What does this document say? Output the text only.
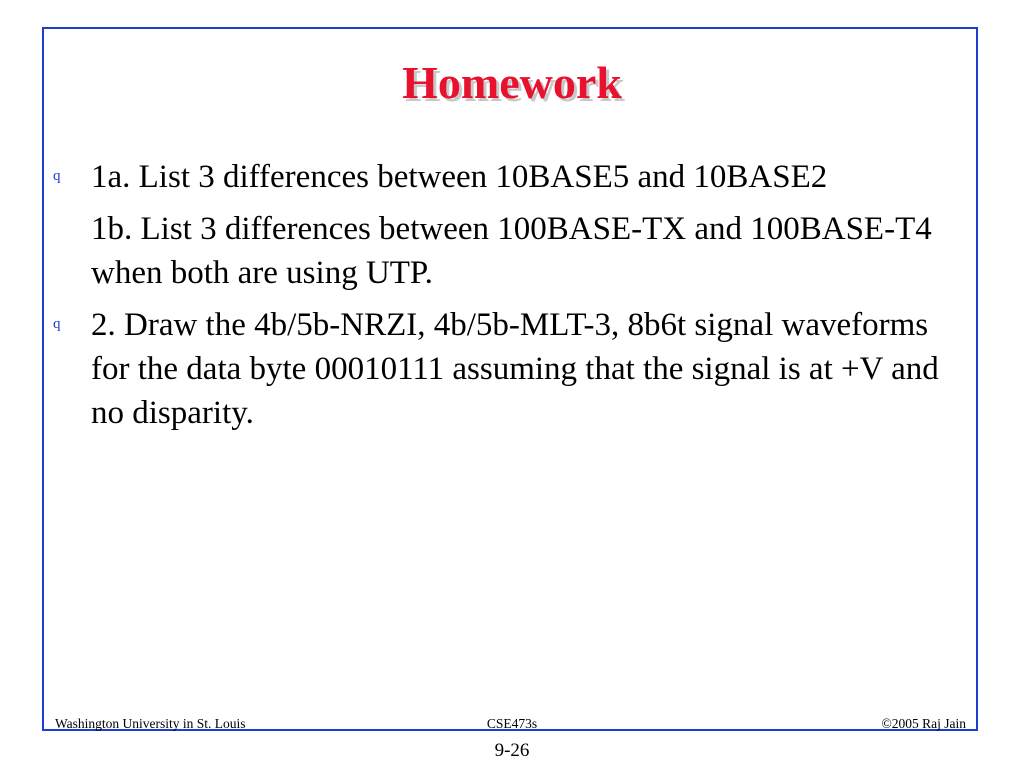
Homework
q 1a. List 3 differences between 10BASE5 and 10BASE2
1b. List 3 differences between 100BASE-TX and 100BASE-T4 when both are using UTP.
q 2. Draw the 4b/5b-NRZI, 4b/5b-MLT-3, 8b6t signal waveforms for the data byte 00010111 assuming that the signal is at +V and no disparity.
Washington University in St. Louis	CSE473s	©2005 Raj Jain
9-26
